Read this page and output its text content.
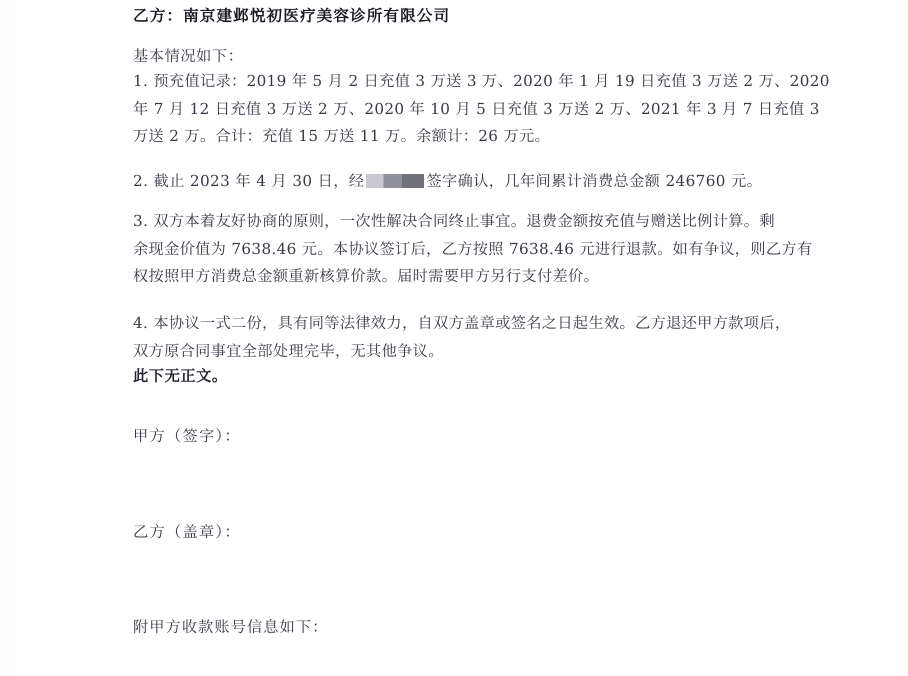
乙方：南京建邺悦初医疗美容诊所有限公司
基本情况如下：
1. 预充值记录：2019 年 5 月 2 日充值 3 万送 3 万、2020 年 1 月 19 日充值 3 万送 2 万、2020
年 7 月 12 日充值 3 万送 2 万、2020 年 10 月 5 日充值 3 万送 2 万、2021 年 3 月 7 日充值 3
万送 2 万。合计：充值 15 万送 11 万。余额计：26 万元。
2. 截止 2023 年 4 月 30 日，经	签字确认，几年间累计消费总金额 246760 元。
3. 双方本着友好协商的原则，一次性解决合同终止事宜。退费金额按充值与赠送比例计算。剩
余现金价值为 7638.46 元。本协议签订后，乙方按照 7638.46 元进行退款。如有争议，则乙方有
权按照甲方消费总金额重新核算价款。届时需要甲方另行支付差价。
4. 本协议一式二份，具有同等法律效力，自双方盖章或签名之日起生效。乙方退还甲方款项后，
双方原合同事宜全部处理完毕，无其他争议。
此下无正文。
甲方（签字）：
乙方（盖章）：
附甲方收款账号信息如下：
